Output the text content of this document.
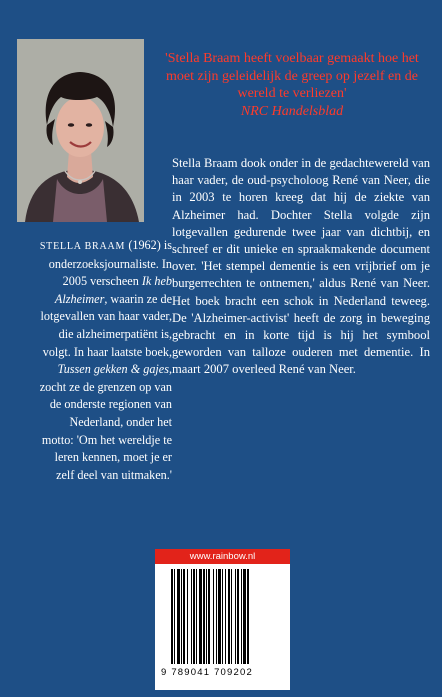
'Stella Braam heeft voelbaar gemaakt hoe het moet zijn geleidelijk de greep op jezelf en de wereld te verliezen'
NRC Handelsblad
STELLA BRAAM (1962) is onderzoeksjournaliste. In 2005 verscheen Ik heb Alzheimer, waarin ze de lotgevallen van haar vader, die alzheimerpatiënt is, volgt. In haar laatste boek, Tussen gekken & gajes, zocht ze de grenzen op van de onderste regionen van Nederland, onder het motto: 'Om het wereldje te leren kennen, moet je er zelf deel van uitmaken.'
Stella Braam dook onder in de gedachtewereld van haar vader, de oud-psycholoog René van Neer, die in 2003 te horen kreeg dat hij de ziekte van Alzheimer had. Dochter Stella volgde zijn lotgevallen gedurende twee jaar van dichtbij, en schreef er dit unieke en spraakmakende document over. 'Het stempel dementie is een vrijbrief om je burgerrechten te ontnemen,' aldus René van Neer. Het boek bracht een schok in Nederland teweeg. De 'Alzheimer-activist' heeft de zorg in beweging gebracht en in korte tijd is hij het symbool geworden van talloze ouderen met dementie. In maart 2007 overleed René van Neer.
www.rainbow.nl
9 789041 709202
